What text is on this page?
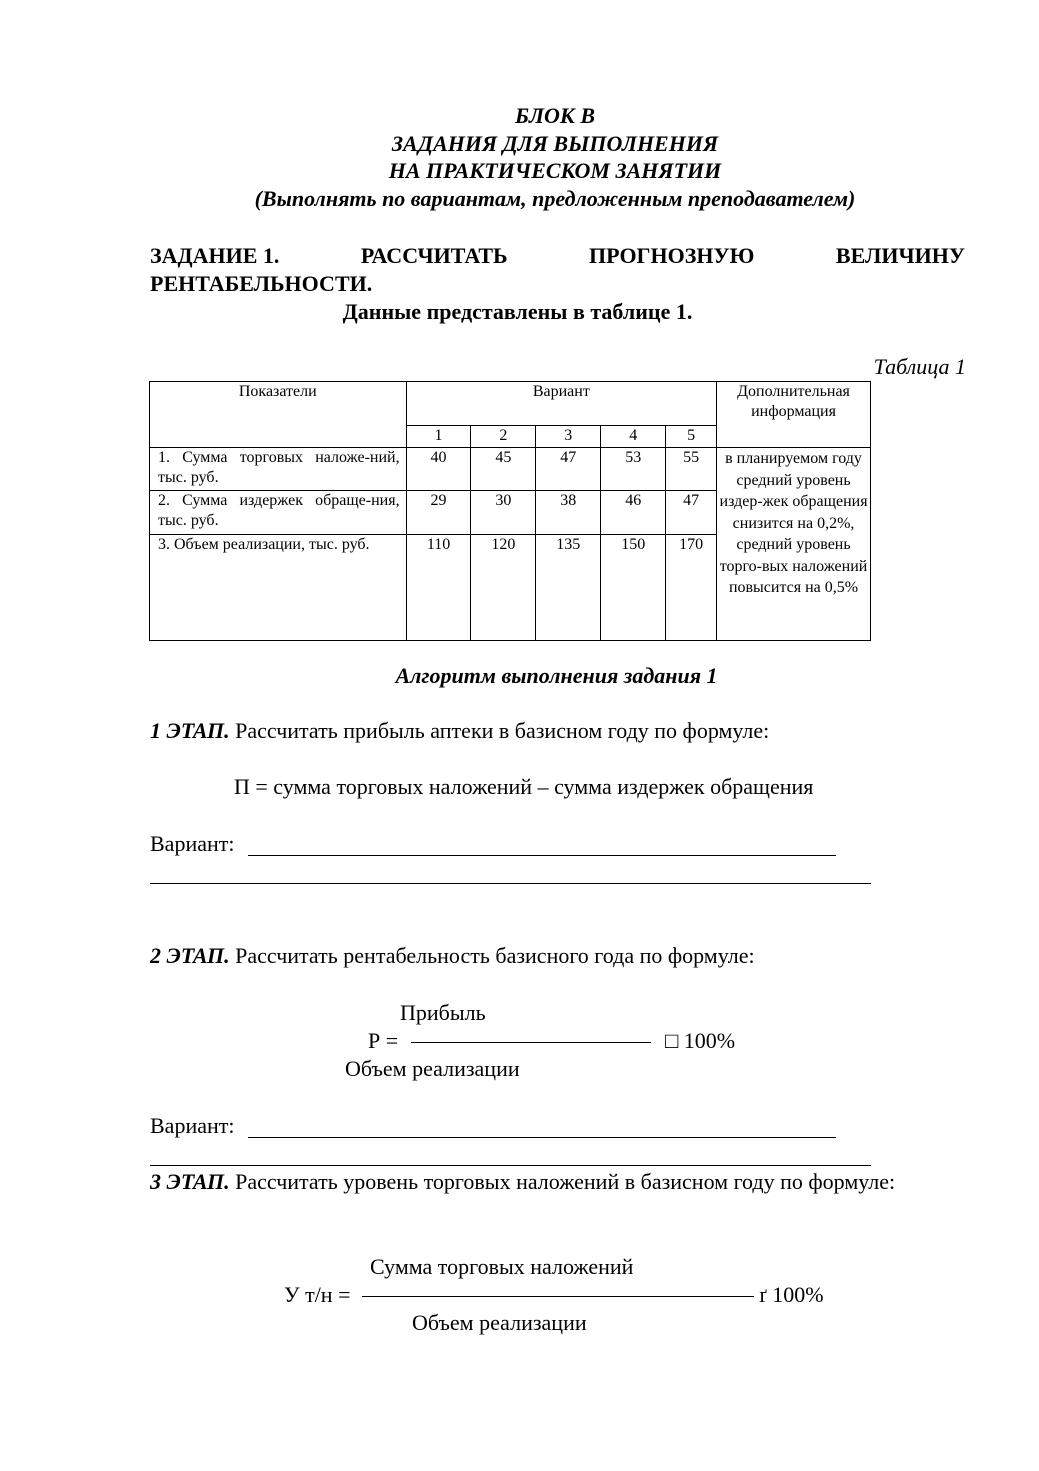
БЛОК В
ЗАДАНИЯ ДЛЯ ВЫПОЛНЕНИЯ
НА ПРАКТИЧЕСКОМ ЗАНЯТИИ
(Выполнять по вариантам, предложенным преподавателем)
ЗАДАНИЕ 1.	РАССЧИТАТЬ	ПРОГНОЗНУЮ	ВЕЛИЧИНУ
РЕНТАБЕЛЬНОСТИ.
Данные представлены в таблице 1.
Таблица 1
Показатели	Вариант					Дополнительная информация
	1	2	3	4	5	
1. Сумма торговых наложе-ний, тыс. руб.	40	45	47	53	55	в планируемом году средний уровень издер-жек обращения снизится на 0,2%, средний уровень торго-вых наложений повысится на 0,5%
2. Сумма издержек обраще-ния, тыс. руб.	29	30	38	46	47	
3. Объем реализации, тыс. руб.	110	120	135	150	170	
Алгоритм выполнения задания 1
1 ЭТАП. Рассчитать прибыль аптеки в базисном году по формуле:
П = сумма торговых наложений – сумма издержек обращения
Вариант:
2 ЭТАП. Рассчитать рентабельность базисного года по формуле:
Прибыль
Р =	□ 100%
Объем реализации
Вариант:
3 ЭТАП. Рассчитать уровень торговых наложений в базисном году по формуле:
Сумма торговых наложений
У т/н =	ґ 100%
Объем реализации
